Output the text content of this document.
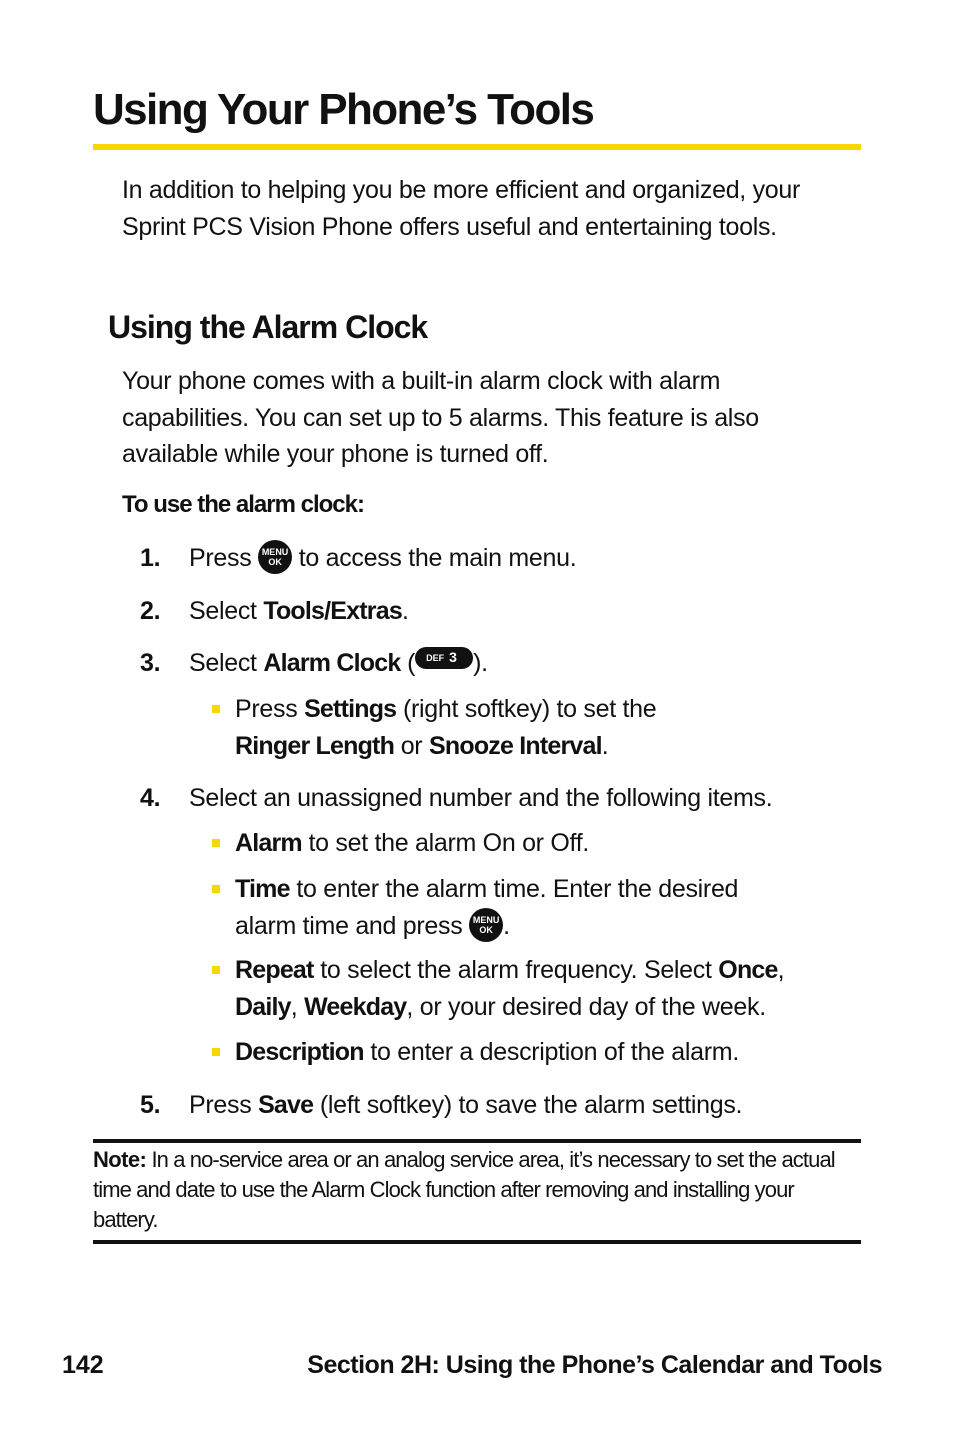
Using Your Phone’s Tools

In addition to helping you be more efficient and organized, your Sprint PCS Vision Phone offers useful and entertaining tools.

Using the Alarm Clock

Your phone comes with a built-in alarm clock with alarm capabilities. You can set up to 5 alarms. This feature is also available while your phone is turned off.

To use the alarm clock:

1.	Press	MENU
OK to access the main menu.
2.	Select Tools/Extras.
3.	Select Alarm Clock ( DEF 3 ).
Press Settings (right softkey) to set the
Ringer Length or Snooze Interval.
4.	Select an unassigned number and the following items.
Alarm to set the alarm On or Off.
Time to enter the alarm time. Enter the desired
alarm time and press	MENU
OK .
Repeat to select the alarm frequency. Select Once,
Daily, Weekday, or your desired day of the week.
Description to enter a description of the alarm.
5.	Press Save (left softkey) to save the alarm settings.

Note: In a no-service area or an analog service area, it’s necessary to set the actual time and date to use the Alarm Clock function after removing and installing your battery.

142	Section 2H: Using the Phone’s Calendar and Tools
